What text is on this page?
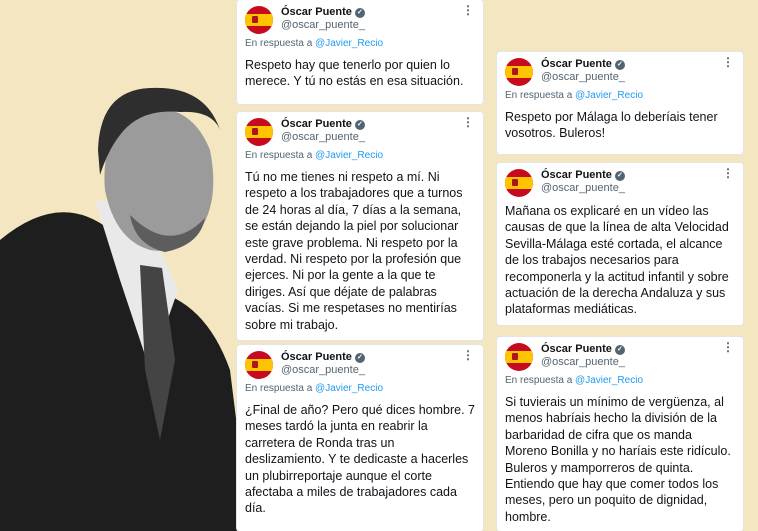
Óscar Puente ✓
@oscar_puente_
⋮
En respuesta a @Javier_Recio
Respeto hay que tenerlo por quien lo merece. Y tú no estás en esa situación.
Óscar Puente ✓
@oscar_puente_
⋮
En respuesta a @Javier_Recio
Tú no me tienes ni respeto a mí. Ni respeto a los trabajadores que a turnos de 24 horas al día, 7 días a la semana, se están dejando la piel por solucionar este grave problema. Ni respeto por la verdad. Ni respeto por la profesión que ejerces. Ni por la gente a la que te diriges. Así que déjate de palabras vacías. Si me respetases no mentirías sobre mi trabajo.
Óscar Puente ✓
@oscar_puente_
⋮
En respuesta a @Javier_Recio
¿Final de año? Pero qué dices hombre. 7 meses tardó la junta en reabrir la carretera de Ronda tras un deslizamiento. Y te dedicaste a hacerles un plubirreportaje aunque el corte afectaba a miles de trabajadores cada día.
Óscar Puente ✓
@oscar_puente_
⋮
En respuesta a @Javier_Recio
Respeto por Málaga lo deberíais tener vosotros. Buleros!
Óscar Puente ✓
@oscar_puente_
⋮
Mañana os explicaré en un vídeo las causas de que la línea de alta Velocidad Sevilla-Málaga esté cortada, el alcance de los trabajos necesarios para recomponerla y la actitud infantil y sobre actuación de la derecha Andaluza y sus plataformas mediáticas.
Óscar Puente ✓
@oscar_puente_
⋮
En respuesta a @Javier_Recio
Si tuvierais un mínimo de vergüenza, al menos habríais hecho la división de la barbaridad de cifra que os manda Moreno Bonilla y no haríais este ridículo. Buleros y mamporreros de quinta. Entiendo que hay que comer todos los meses, pero un poquito de dignidad, hombre.
